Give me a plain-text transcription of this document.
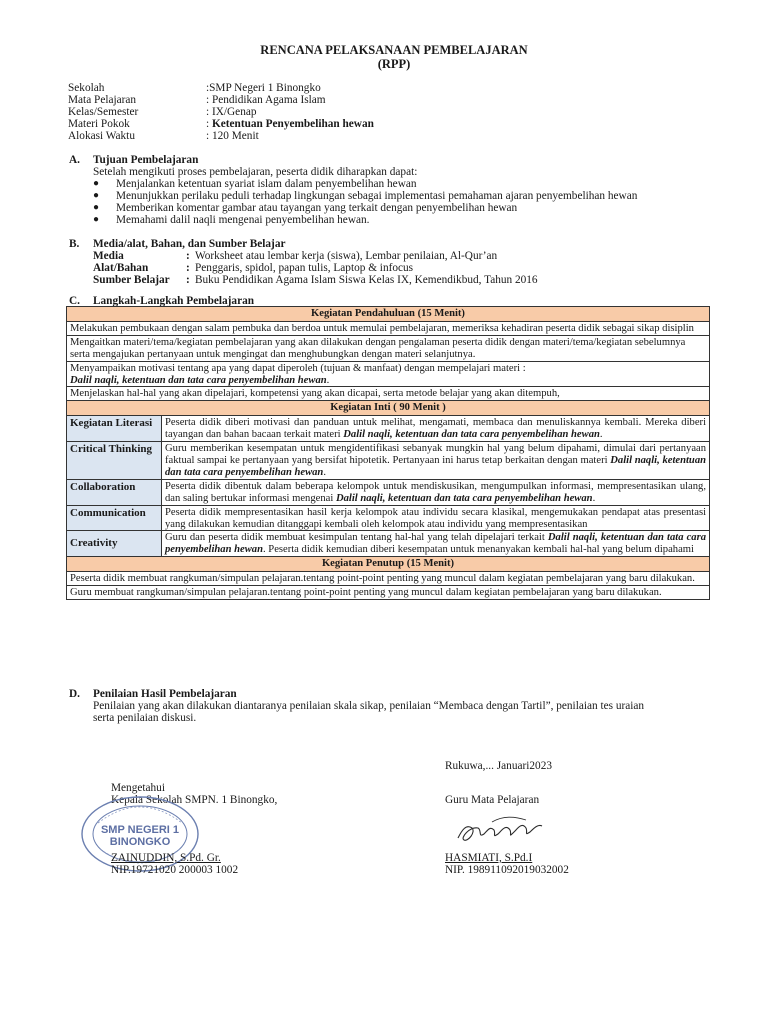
RENCANA PELAKSANAAN PEMBELAJARAN
(RPP)
Sekolah	:SMP Negeri 1 Binongko
Mata Pelajaran	: Pendidikan Agama Islam
Kelas/Semester	: IX/Genap
Materi Pokok	: Ketentuan Penyembelihan hewan
Alokasi Waktu	: 120 Menit
A. Tujuan Pembelajaran
Setelah mengikuti proses pembelajaran, peserta didik diharapkan dapat:
● Menjalankan ketentuan syariat islam dalam penyembelihan hewan
● Menunjukkan perilaku peduli terhadap lingkungan sebagai implementasi pemahaman ajaran penyembelihan hewan
● Memberikan komentar gambar atau tayangan yang terkait dengan penyembelihan hewan
● Memahami dalil naqli mengenai penyembelihan hewan.
B. Media/alat, Bahan, dan Sumber Belajar
Media	: Worksheet atau lembar kerja (siswa), Lembar penilaian, Al-Qur’an
Alat/Bahan	: Penggaris, spidol, papan tulis, Laptop & infocus
Sumber Belajar : Buku Pendidikan Agama Islam Siswa Kelas IX, Kemendikbud, Tahun 2016
C. Langkah-Langkah Pembelajaran
Kegiatan Pendahuluan (15 Menit)	
Melakukan pembukaan dengan salam pembuka dan berdoa untuk memulai pembelajaran, memeriksa kehadiran peserta didik sebagai sikap disiplin	
Mengaitkan materi/tema/kegiatan pembelajaran yang akan dilakukan dengan pengalaman peserta didik dengan materi/tema/kegiatan sebelumnya serta mengajukan pertanyaan untuk mengingat dan menghubungkan dengan materi selanjutnya.	
Menyampaikan motivasi tentang apa yang dapat diperoleh (tujuan & manfaat) dengan mempelajari materi :
Dalil naqli, ketentuan dan tata cara penyembelihan hewan.	
Menjelaskan hal-hal yang akan dipelajari, kompetensi yang akan dicapai, serta metode belajar yang akan ditempuh,	
Kegiatan Inti ( 90 Menit )	
Kegiatan Literasi	Peserta didik diberi motivasi dan panduan untuk melihat, mengamati, membaca dan menuliskannya kembali. Mereka diberi tayangan dan bahan bacaan terkait materi Dalil naqli, ketentuan dan tata cara penyembelihan hewan.
Critical Thinking	Guru memberikan kesempatan untuk mengidentifikasi sebanyak mungkin hal yang belum dipahami, dimulai dari pertanyaan faktual sampai ke pertanyaan yang bersifat hipotetik. Pertanyaan ini harus tetap berkaitan dengan materi Dalil naqli, ketentuan dan tata cara penyembelihan hewan.
Collaboration	Peserta didik dibentuk dalam beberapa kelompok untuk mendiskusikan, mengumpulkan informasi, mempresentasikan ulang, dan saling bertukar informasi mengenai Dalil naqli, ketentuan dan tata cara penyembelihan hewan.
Communication	Peserta didik mempresentasikan hasil kerja kelompok atau individu secara klasikal, mengemukakan pendapat atas presentasi yang dilakukan kemudian ditanggapi kembali oleh kelompok atau individu yang mempresentasikan
Creativity	Guru dan peserta didik membuat kesimpulan tentang hal-hal yang telah dipelajari terkait Dalil naqli, ketentuan dan tata cara penyembelihan hewan. Peserta didik kemudian diberi kesempatan untuk menanyakan kembali hal-hal yang belum dipahami
Kegiatan Penutup (15 Menit)	
Peserta didik membuat rangkuman/simpulan pelajaran.tentang point-point penting yang muncul dalam kegiatan pembelajaran yang baru dilakukan.	
Guru membuat rangkuman/simpulan pelajaran.tentang point-point penting yang muncul dalam kegiatan pembelajaran yang baru dilakukan.	
D. Penilaian Hasil Pembelajaran
Penilaian yang akan dilakukan diantaranya penilaian skala sikap, penilaian “Membaca dengan Tartil”, penilaian tes uraian
serta penilaian diskusi.
Rukuwa,... Januari2023
Mengetahui
Kepala Sekolah SMPN. 1 Binongko,	Guru Mata Pelajaran
SMP NEGERI 1
BINONGKO
ZAINUDDIN, S.Pd. Gr.
NIP.19721020 200003 1002
HASMIATI, S.Pd.I
NIP. 198911092019032002
